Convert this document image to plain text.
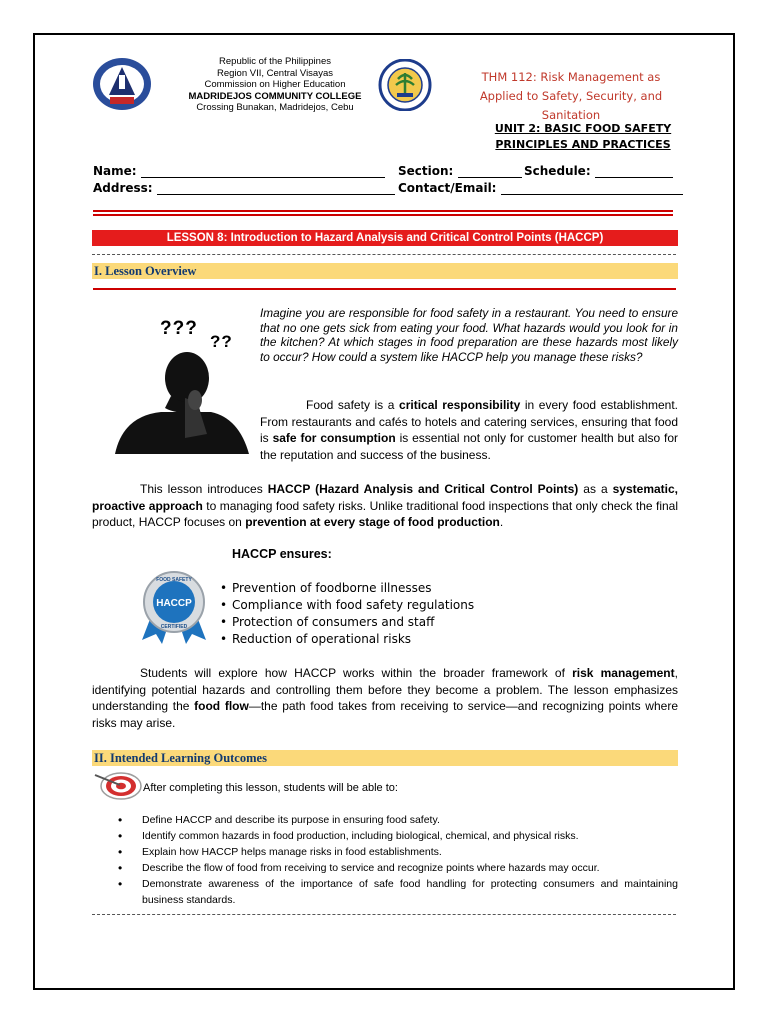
Republic of the Philippines
Region VII, Central Visayas
Commission on Higher Education
MADRIDEJOS COMMUNITY COLLEGE
Crossing Bunakan, Madridejos, Cebu
THM 112: Risk Management as Applied to Safety, Security, and Sanitation
UNIT 2: BASIC FOOD SAFETY PRINCIPLES AND PRACTICES
Name:	Section:	Schedule:
Address:	Contact/Email:
LESSON 8: Introduction to Hazard Analysis and Critical Control Points (HACCP)
I. Lesson Overview
???
??
Imagine you are responsible for food safety in a restaurant. You need to ensure that no one gets sick from eating your food. What hazards would you look for in the kitchen? At which stages in food preparation are these hazards most likely to occur? How could a system like HACCP help you manage these risks?
Food safety is a critical responsibility in every food establishment. From restaurants and cafés to hotels and catering services, ensuring that food is safe for consumption is essential not only for customer health but also for the reputation and success of the business.
This lesson introduces HACCP (Hazard Analysis and Critical Control Points) as a systematic, proactive approach to managing food safety risks. Unlike traditional food inspections that only check the final product, HACCP focuses on prevention at every stage of food production.
HACCP ensures:
HACCP
FOOD SAFETY
CERTIFIED
• Prevention of foodborne illnesses
• Compliance with food safety regulations
• Protection of consumers and staff
• Reduction of operational risks
Students will explore how HACCP works within the broader framework of risk management, identifying potential hazards and controlling them before they become a problem. The lesson emphasizes understanding the food flow—the path food takes from receiving to service—and recognizing points where risks may arise.
II. Intended Learning Outcomes
After completing this lesson, students will be able to:
• Define HACCP and describe its purpose in ensuring food safety.
• Identify common hazards in food production, including biological, chemical, and physical risks.
• Explain how HACCP helps manage risks in food establishments.
• Describe the flow of food from receiving to service and recognize points where hazards may occur.
• Demonstrate awareness of the importance of safe food handling for protecting consumers and maintaining business standards.
